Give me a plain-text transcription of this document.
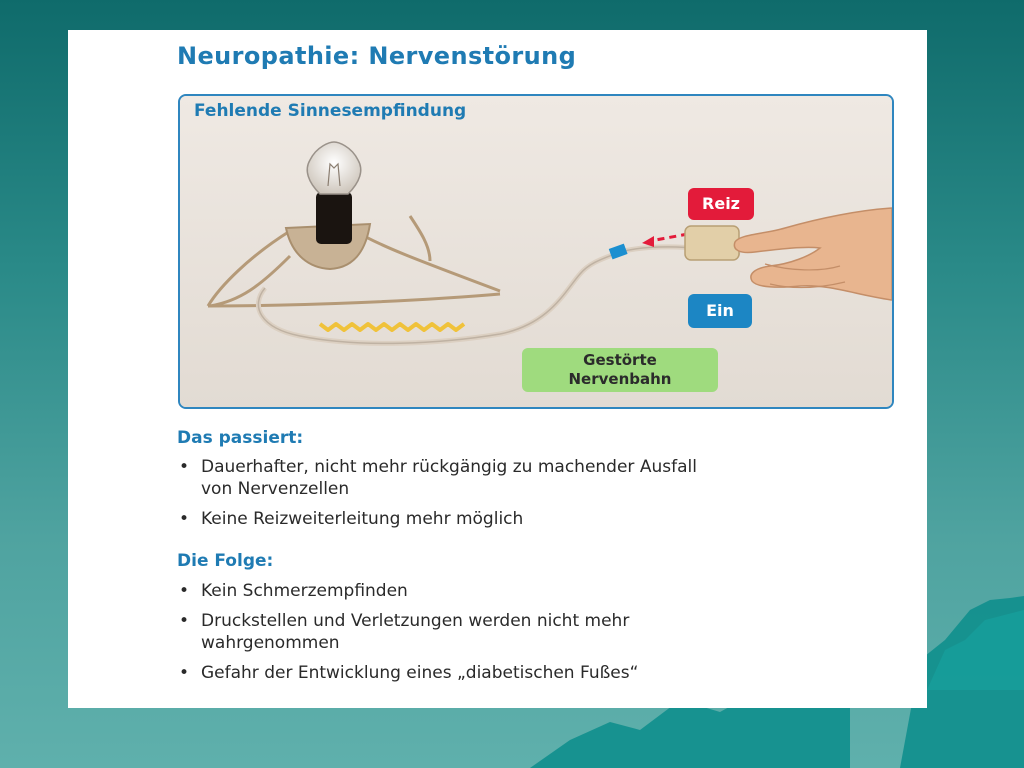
Neuropathie: Nervenstörung
Fehlende Sinnesempfindung
Reiz
Ein
Gestörte
Nervenbahn
Das passiert:
• Dauerhafter, nicht mehr rückgängig zu machender Ausfall von Nervenzellen
• Keine Reizweiterleitung mehr möglich
Die Folge:
• Kein Schmerzempfinden
• Druckstellen und Verletzungen werden nicht mehr wahrgenommen
• Gefahr der Entwicklung eines „diabetischen Fußes“
